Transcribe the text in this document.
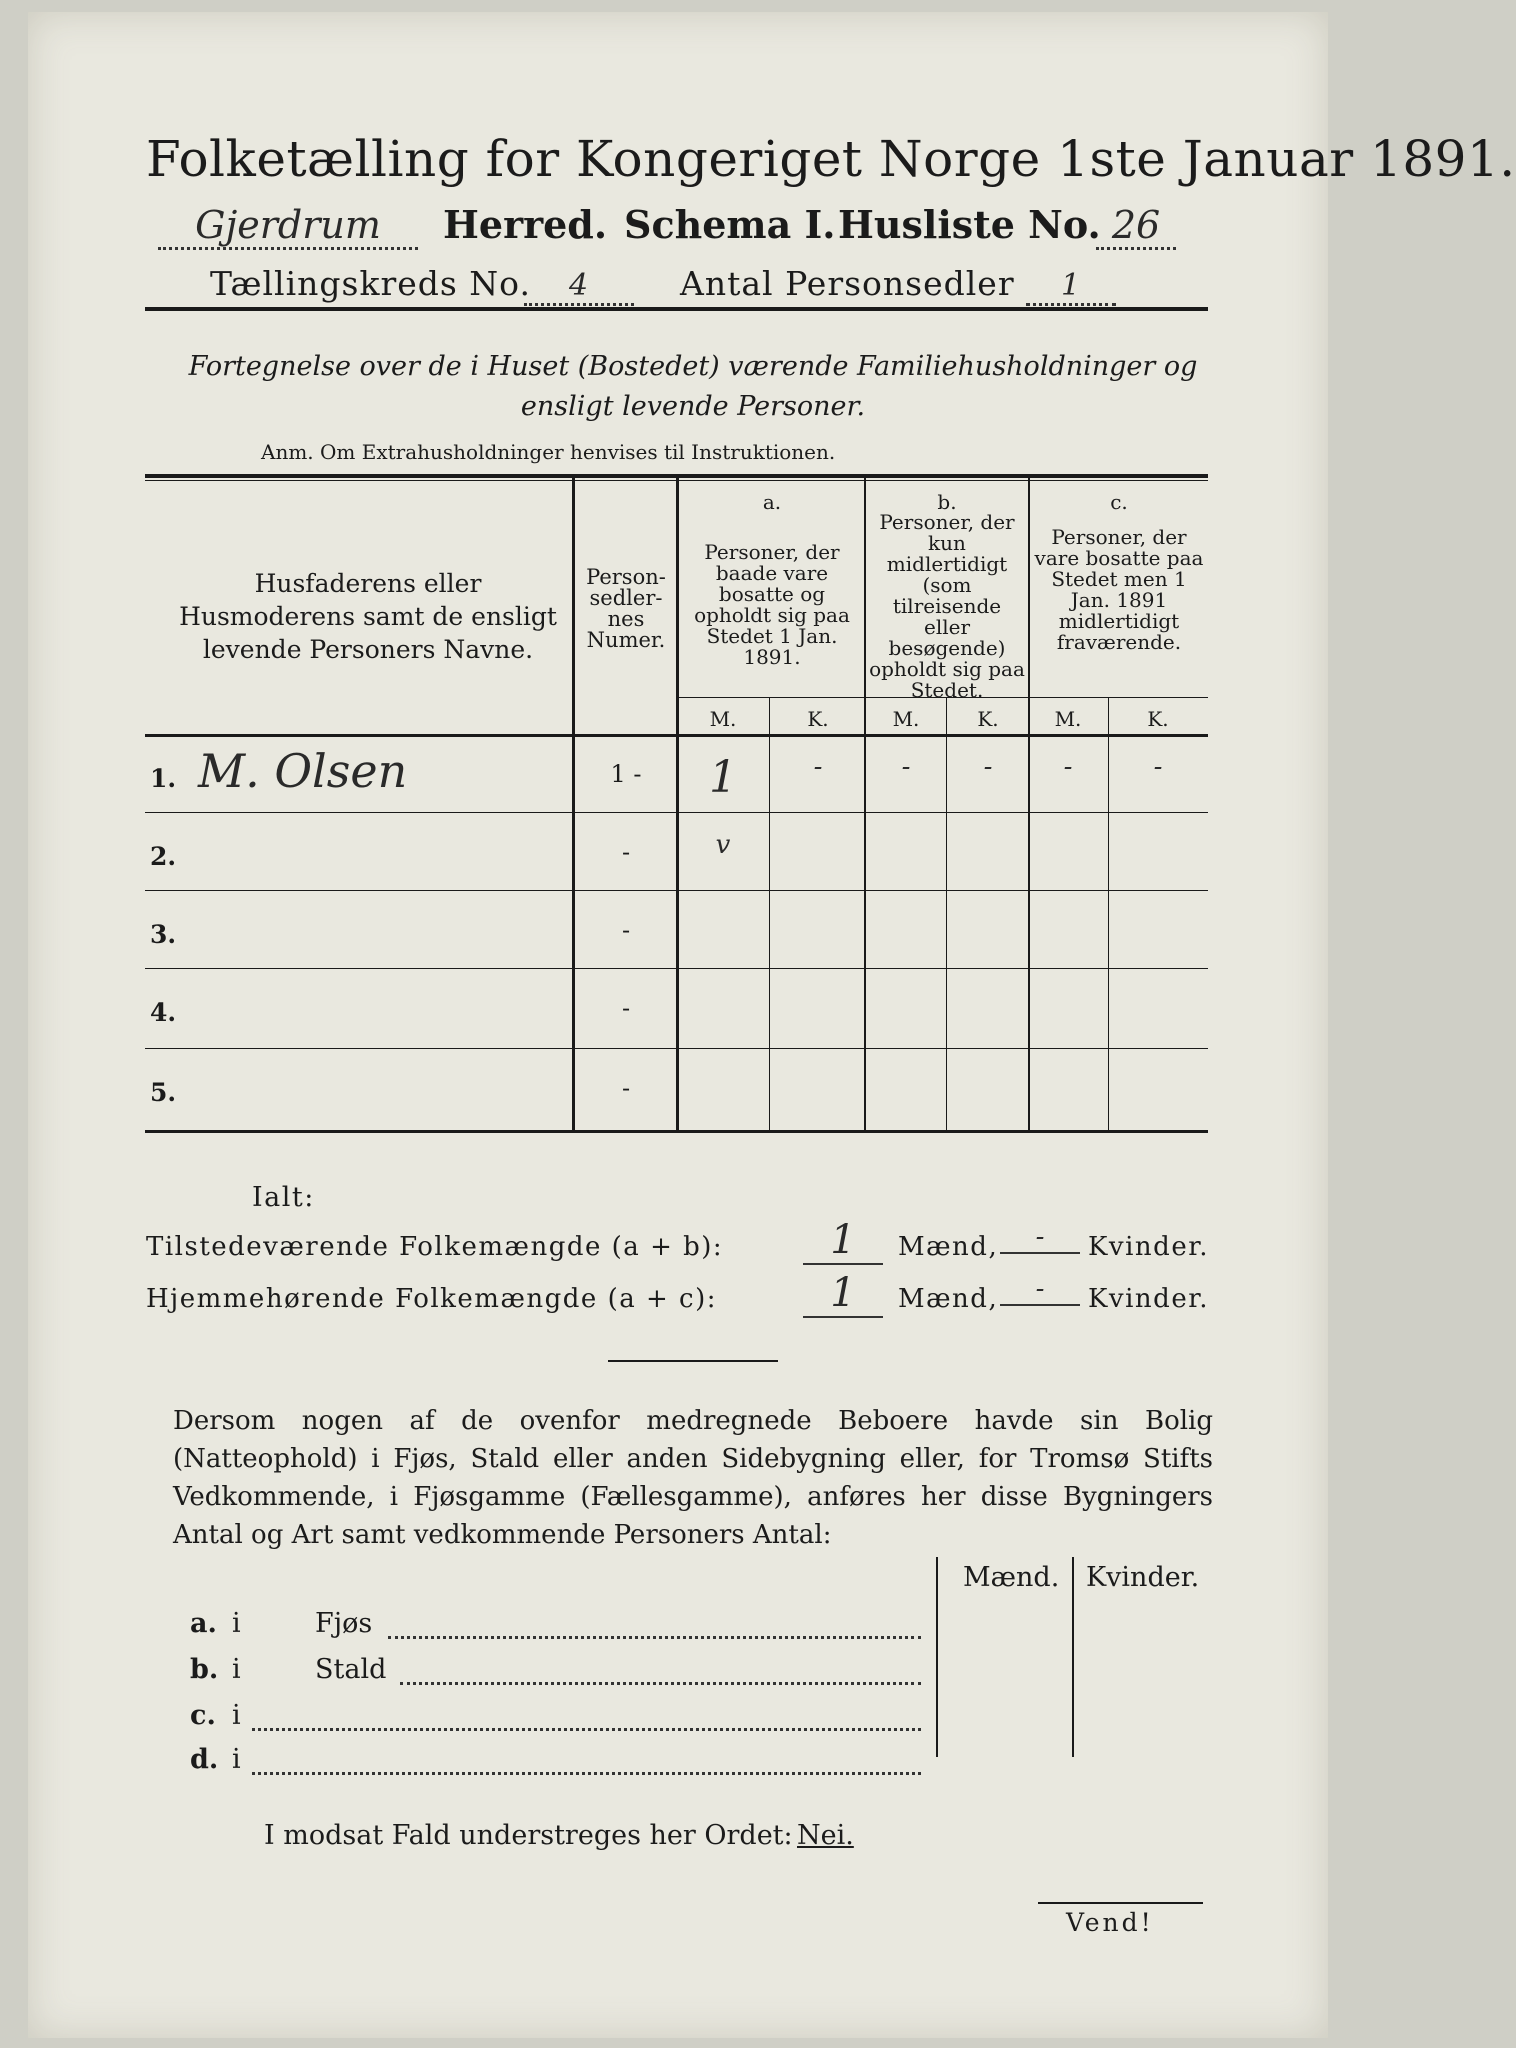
Folketælling for Kongeriget Norge 1ste Januar 1891.
Gjerdrum	Herred. Schema I. Husliste No. 26
Tællingskreds No.	4	Antal Personsedler	1
Fortegnelse over de i Huset (Bostedet) værende Familiehusholdninger og ensligt levende Personer.
Anm. Om Extrahusholdninger henvises til Instruktionen.
Husfaderens eller Husmoderens samt de ensligt levende Personers Navne.
Person-sedler-nes Numer.
a.
Personer, der baade vare bosatte og opholdt sig paa Stedet 1 Jan. 1891.
b.
Personer, der kun midlertidigt (som tilreisende eller besøgende) opholdt sig paa Stedet.
c.
Personer, der vare bosatte paa Stedet men 1 Jan. 1891 midlertidigt fraværende.
M.	K.	M.	K.	M.	K.
1. M. Olsen	1 -	1	-	-	-	-	-
2.	-	v
3.	-
4.	-
5.	-
Ialt:
Tilstedeværende Folkemængde (a + b):	1	Mænd,	-	Kvinder.
Hjemmehørende Folkemængde (a + c):	1	Mænd,	-	Kvinder.
Dersom nogen af de ovenfor medregnede Beboere havde sin Bolig (Natteophold) i Fjøs, Stald eller anden Sidebygning eller, for Tromsø Stifts Vedkommende, i Fjøsgamme (Fællesgamme), anføres her disse Bygningers Antal og Art samt vedkommende Personers Antal:
Mænd. Kvinder.
a. i	Fjøs
b. i	Stald
c. i
d. i
I modsat Fald understreges her Ordet: Nei.
Vend!
